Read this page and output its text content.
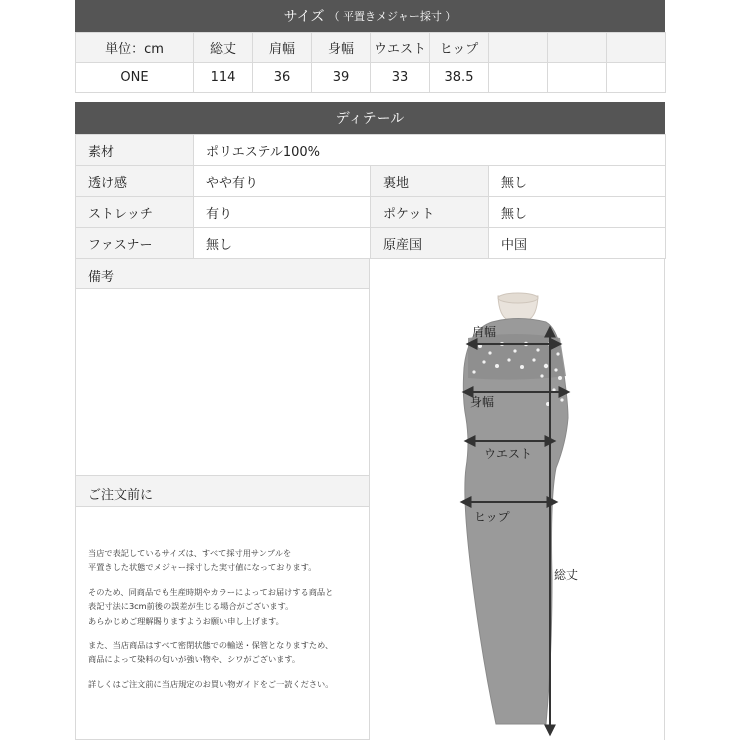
サイズ （ 平置きメジャー採寸 ）
単位：cm	総丈	肩幅	身幅	ウエスト	ヒップ			
ONE	114	36	39	33	38.5			
ディテール
素材	ポリエステル100%		
透け感	やや有り	裏地	無し
ストレッチ	有り	ポケット	無し
ファスナー	無し	原産国	中国
備考
ご注文前に

当店で表記しているサイズは、すべて採寸用サンプルを
平置きした状態でメジャー採寸した実寸値になっております。

そのため、同商品でも生産時期やカラーによってお届けする商品と
表記寸法に3cm前後の誤差が生じる場合がございます。
あらかじめご理解賜りますようお願い申し上げます。

また、当店商品はすべて密閉状態での輸送・保管となりますため、
商品によって染料の匂いが強い物や、シワがございます。

詳しくはご注文前に当店規定のお買い物ガイドをご一読ください。

肩幅
身幅
ウエスト
ヒップ
総丈
